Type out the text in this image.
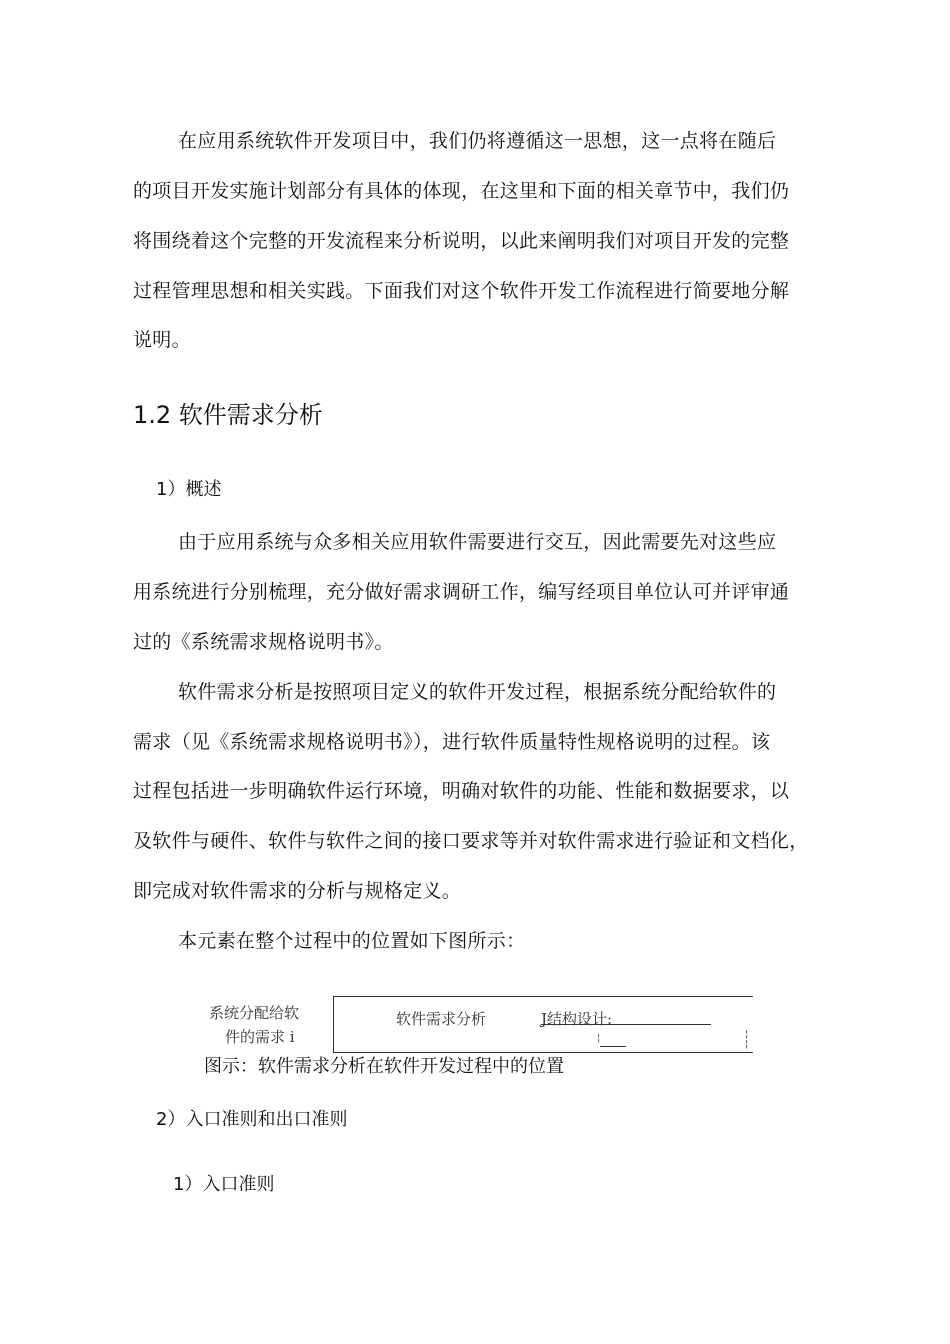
在应用系统软件开发项目中，我们仍将遵循这一思想，这一点将在随后
的项目开发实施计划部分有具体的体现，在这里和下面的相关章节中，我们仍
将围绕着这个完整的开发流程来分析说明，以此来阐明我们对项目开发的完整
过程管理思想和相关实践。下面我们对这个软件开发工作流程进行简要地分解
说明。
1.2 软件需求分析
1）概述
由于应用系统与众多相关应用软件需要进行交互，因此需要先对这些应
用系统进行分别梳理，充分做好需求调研工作，编写经项目单位认可并评审通
过的《系统需求规格说明书》。
软件需求分析是按照项目定义的软件开发过程，根据系统分配给软件的
需求（见《系统需求规格说明书》），进行软件质量特性规格说明的过程。该
过程包括进一步明确软件运行环境，明确对软件的功能、性能和数据要求，以
及软件与硬件、软件与软件之间的接口要求等并对软件需求进行验证和文档化，
即完成对软件需求的分析与规格定义。
本元素在整个过程中的位置如下图所示：
系统分配给软
件的需求 i
软件需求分析	J结构设计:
¦	¦
¦
图示：软件需求分析在软件开发过程中的位置
2）入口准则和出口准则
1）入口准则
